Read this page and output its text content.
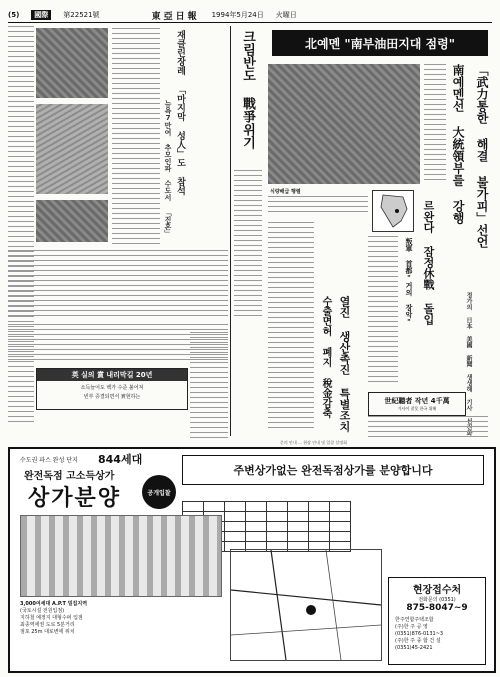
(5)	國際	第22521號	東亞日報 1994年5月24日 火曜日
재클린장례 「마지막 성人」도 참석
뉴욕7만여 추모인파 수도서 「진혼」
크림반도 戰爭위기	北예멘 "南부油田지대 점령"
식량배급 행렬	「武力통한 해결 불가피」선언
南예멘선 大統領부를 강행
르완다 잠정休戰 돌입
叛軍 首都"거의 장악"
정가의 日本 美國 新聞 생생해 기사 선진화
열진 생산촉진 특별조치
수출면허 폐지 稅金감축	世紀聽者 작년 4千萬
가사이 잘못 한국 위해
英 실의 賞 내리막길 20년
소득늘어도 백가 수준 불어져
빈부 증결되면서 實현하는
문의 안내 … 현장 안내 및 입찰 설명회
수도권 파스 완성 단지 844세대
완전독점 고소득상가
상가분양	공개입찰
주변상가없는 완전독점상가를 분양합니다

3,000여세대 A.P.T 밀집지역
(국토시설 전원입점)
지하철 예정지 대형수퍼 입점
최종역세권 도로 5분거리
점포 25m 대로변에 위치
현장접수처
전화문의 (0351)
875-8047~9
한주연합주택조합
(주)한 주 공 영
(0351)876-0131~3
(주)한 주 종 합 건 설
(0351)45-2421
